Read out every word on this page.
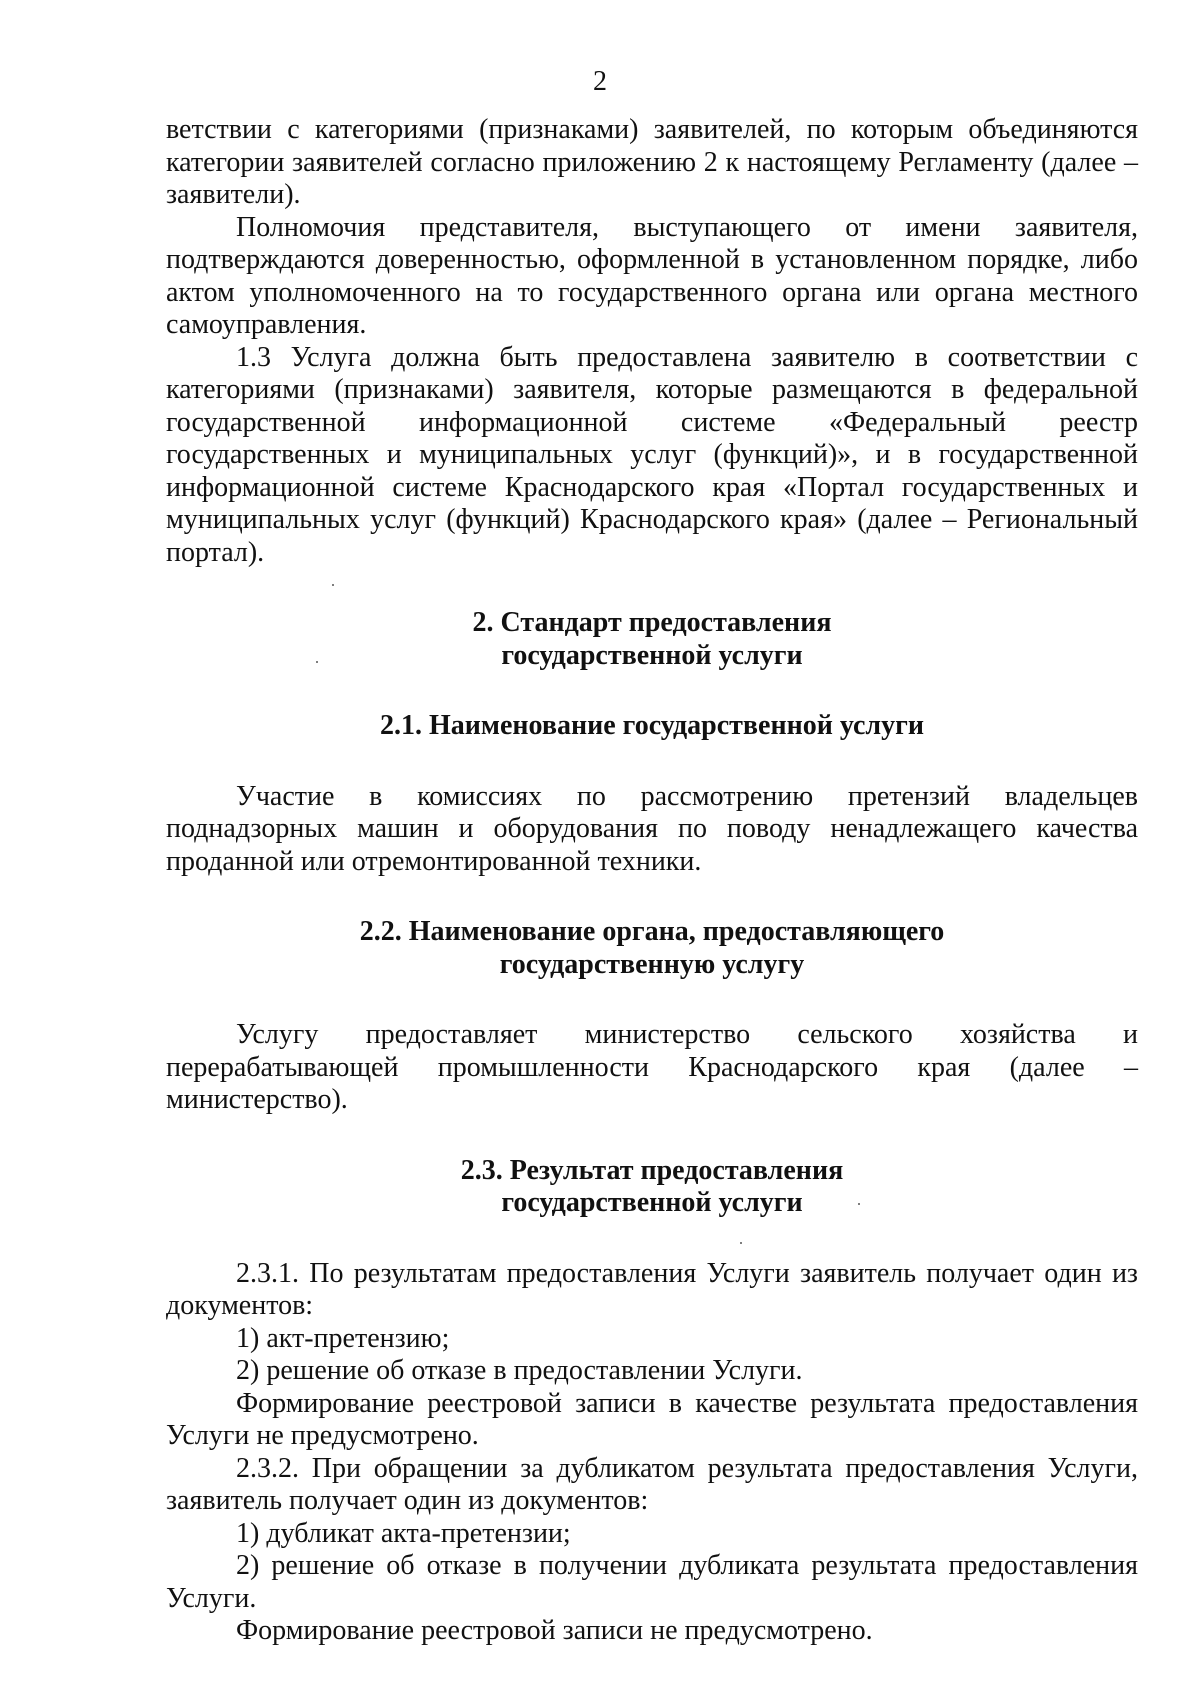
2

ветствии с категориями (признаками) заявителей, по которым объединяются категории заявителей согласно приложению 2 к настоящему Регламенту (далее – заявители).

Полномочия представителя, выступающего от имени заявителя, подтверждаются доверенностью, оформленной в установленном порядке, либо актом уполномоченного на то государственного органа или органа местного самоуправления.

1.3 Услуга должна быть предоставлена заявителю в соответствии с категориями (признаками) заявителя, которые размещаются в федеральной государственной информационной системе «Федеральный реестр государственных и муниципальных услуг (функций)», и в государственной информационной системе Краснодарского края «Портал государственных и муниципальных услуг (функций) Краснодарского края» (далее – Региональный портал).

2. Стандарт предоставления
государственной услуги
2.1. Наименование государственной услуги

Участие в комиссиях по рассмотрению претензий владельцев поднадзорных машин и оборудования по поводу ненадлежащего качества проданной или отремонтированной техники.

2.2. Наименование органа, предоставляющего
государственную услугу

Услугу предоставляет министерство сельского хозяйства и перерабатывающей промышленности Краснодарского края (далее – министерство).

2.3. Результат предоставления
государственной услуги

2.3.1. По результатам предоставления Услуги заявитель получает один из документов:

1) акт-претензию;

2) решение об отказе в предоставлении Услуги.

Формирование реестровой записи в качестве результата предоставления Услуги не предусмотрено.

2.3.2. При обращении за дубликатом результата предоставления Услуги, заявитель получает один из документов:

1) дубликат акта-претензии;

2) решение об отказе в получении дубликата результата предоставления Услуги.

Формирование реестровой записи не предусмотрено.
